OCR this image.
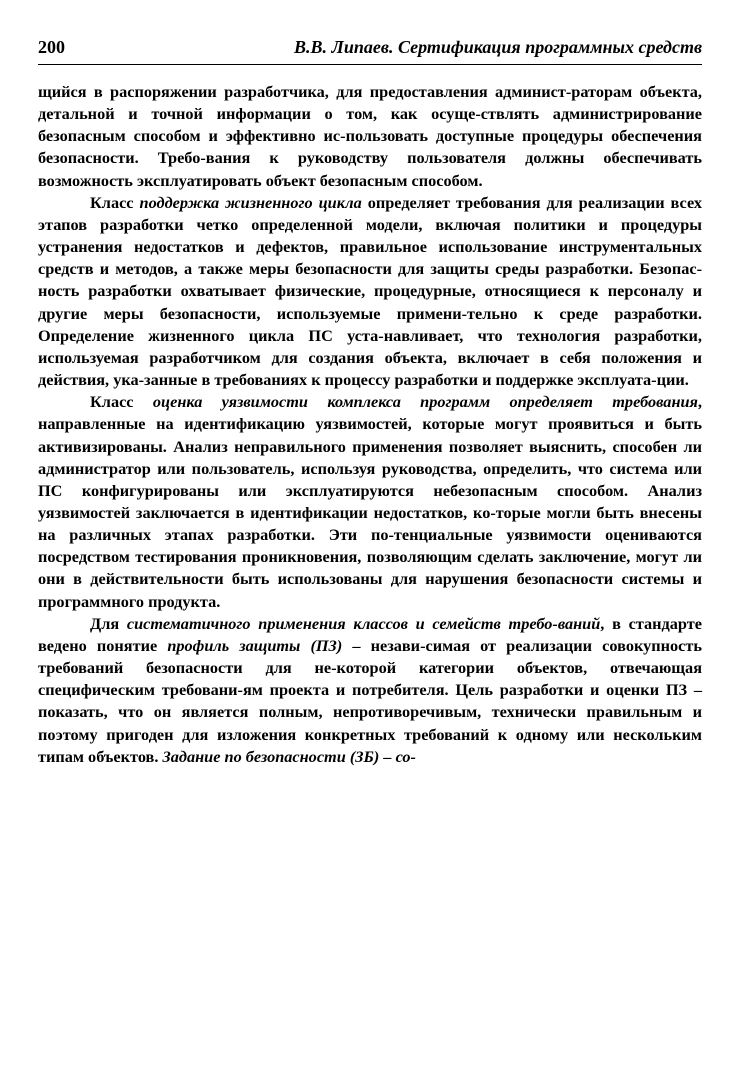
200	В.В. Липаев. Сертификация программных средств

щийся в распоряжении разработчика, для предоставления админист-раторам объекта, детальной и точной информации о том, как осуще-ствлять администрирование безопасным способом и эффективно ис-пользовать доступные процедуры обеспечения безопасности. Требо-вания к руководству пользователя должны обеспечивать возможность эксплуатировать объект безопасным способом.

Класс поддержка жизненного цикла определяет требования для реализации всех этапов разработки четко определенной модели, включая политики и процедуры устранения недостатков и дефектов, правильное использование инструментальных средств и методов, а также меры безопасности для защиты среды разработки. Безопас-ность разработки охватывает физические, процедурные, относящиеся к персоналу и другие меры безопасности, используемые примени-тельно к среде разработки. Определение жизненного цикла ПС уста-навливает, что технология разработки, используемая разработчиком для создания объекта, включает в себя положения и действия, ука-занные в требованиях к процессу разработки и поддержке эксплуата-ции.

Класс оценка уязвимости комплекса программ определяет требования, направленные на идентификацию уязвимостей, которые могут проявиться и быть активизированы. Анализ неправильного применения позволяет выяснить, способен ли администратор или пользователь, используя руководства, определить, что система или ПС конфигурированы или эксплуатируются небезопасным способом. Анализ уязвимостей заключается в идентификации недостатков, ко-торые могли быть внесены на различных этапах разработки. Эти по-тенциальные уязвимости оцениваются посредством тестирования проникновения, позволяющим сделать заключение, могут ли они в действительности быть использованы для нарушения безопасности системы и программного продукта.

Для систематичного применения классов и семейств требо-ваний, в стандарте ведено понятие профиль защиты (ПЗ) – незави-симая от реализации совокупность требований безопасности для не-которой категории объектов, отвечающая специфическим требовани-ям проекта и потребителя. Цель разработки и оценки ПЗ – показать, что он является полным, непротиворечивым, технически правильным и поэтому пригоден для изложения конкретных требований к одному или нескольким типам объектов. Задание по безопасности (ЗБ) – со-
